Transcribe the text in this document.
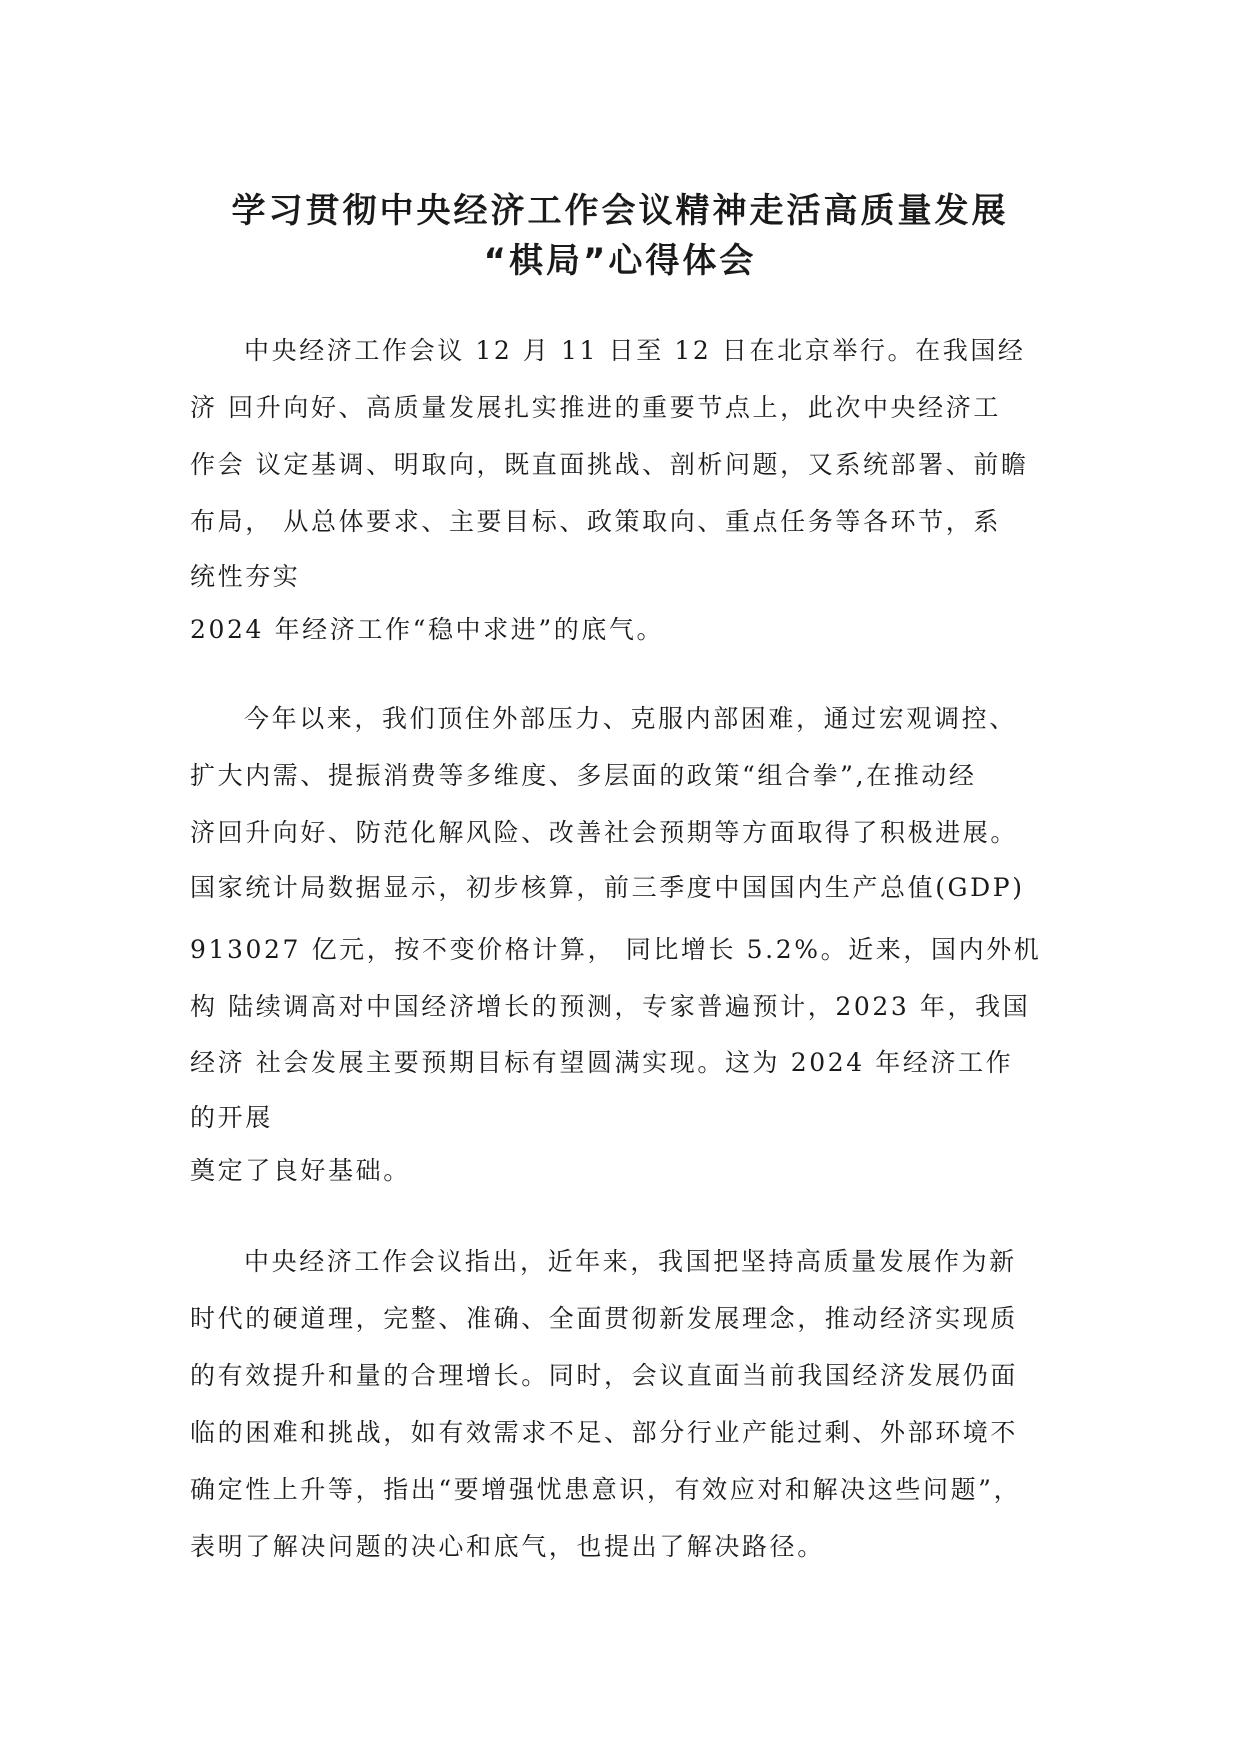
学习贯彻中央经济工作会议精神走活高质量发展
“棋局”心得体会

中央经济工作会议 12 月 11 日至 12 日在北京举行。在我国经

济 回升向好、高质量发展扎实推进的重要节点上，此次中央经济工

作会 议定基调、明取向，既直面挑战、剖析问题，又系统部署、前瞻

布局， 从总体要求、主要目标、政策取向、重点任务等各环节，系

统性夯实

2024 年经济工作“稳中求进”的底气。

今年以来，我们顶住外部压力、克服内部困难，通过宏观调控、

扩大内需、提振消费等多维度、多层面的政策“组合拳”,在推动经

济回升向好、防范化解风险、改善社会预期等方面取得了积极进展。

国家统计局数据显示，初步核算，前三季度中国国内生产总值(GDP)

913027 亿元，按不变价格计算， 同比增长 5.2%。近来，国内外机

构 陆续调高对中国经济增长的预测，专家普遍预计，2023 年，我国

经济 社会发展主要预期目标有望圆满实现。这为 2024 年经济工作

的开展

奠定了良好基础。

中央经济工作会议指出，近年来，我国把坚持高质量发展作为新

时代的硬道理，完整、准确、全面贯彻新发展理念，推动经济实现质

的有效提升和量的合理增长。同时，会议直面当前我国经济发展仍面

临的困难和挑战，如有效需求不足、部分行业产能过剩、外部环境不

确定性上升等，指出“要增强忧患意识，有效应对和解决这些问题”，

表明了解决问题的决心和底气，也提出了解决路径。
